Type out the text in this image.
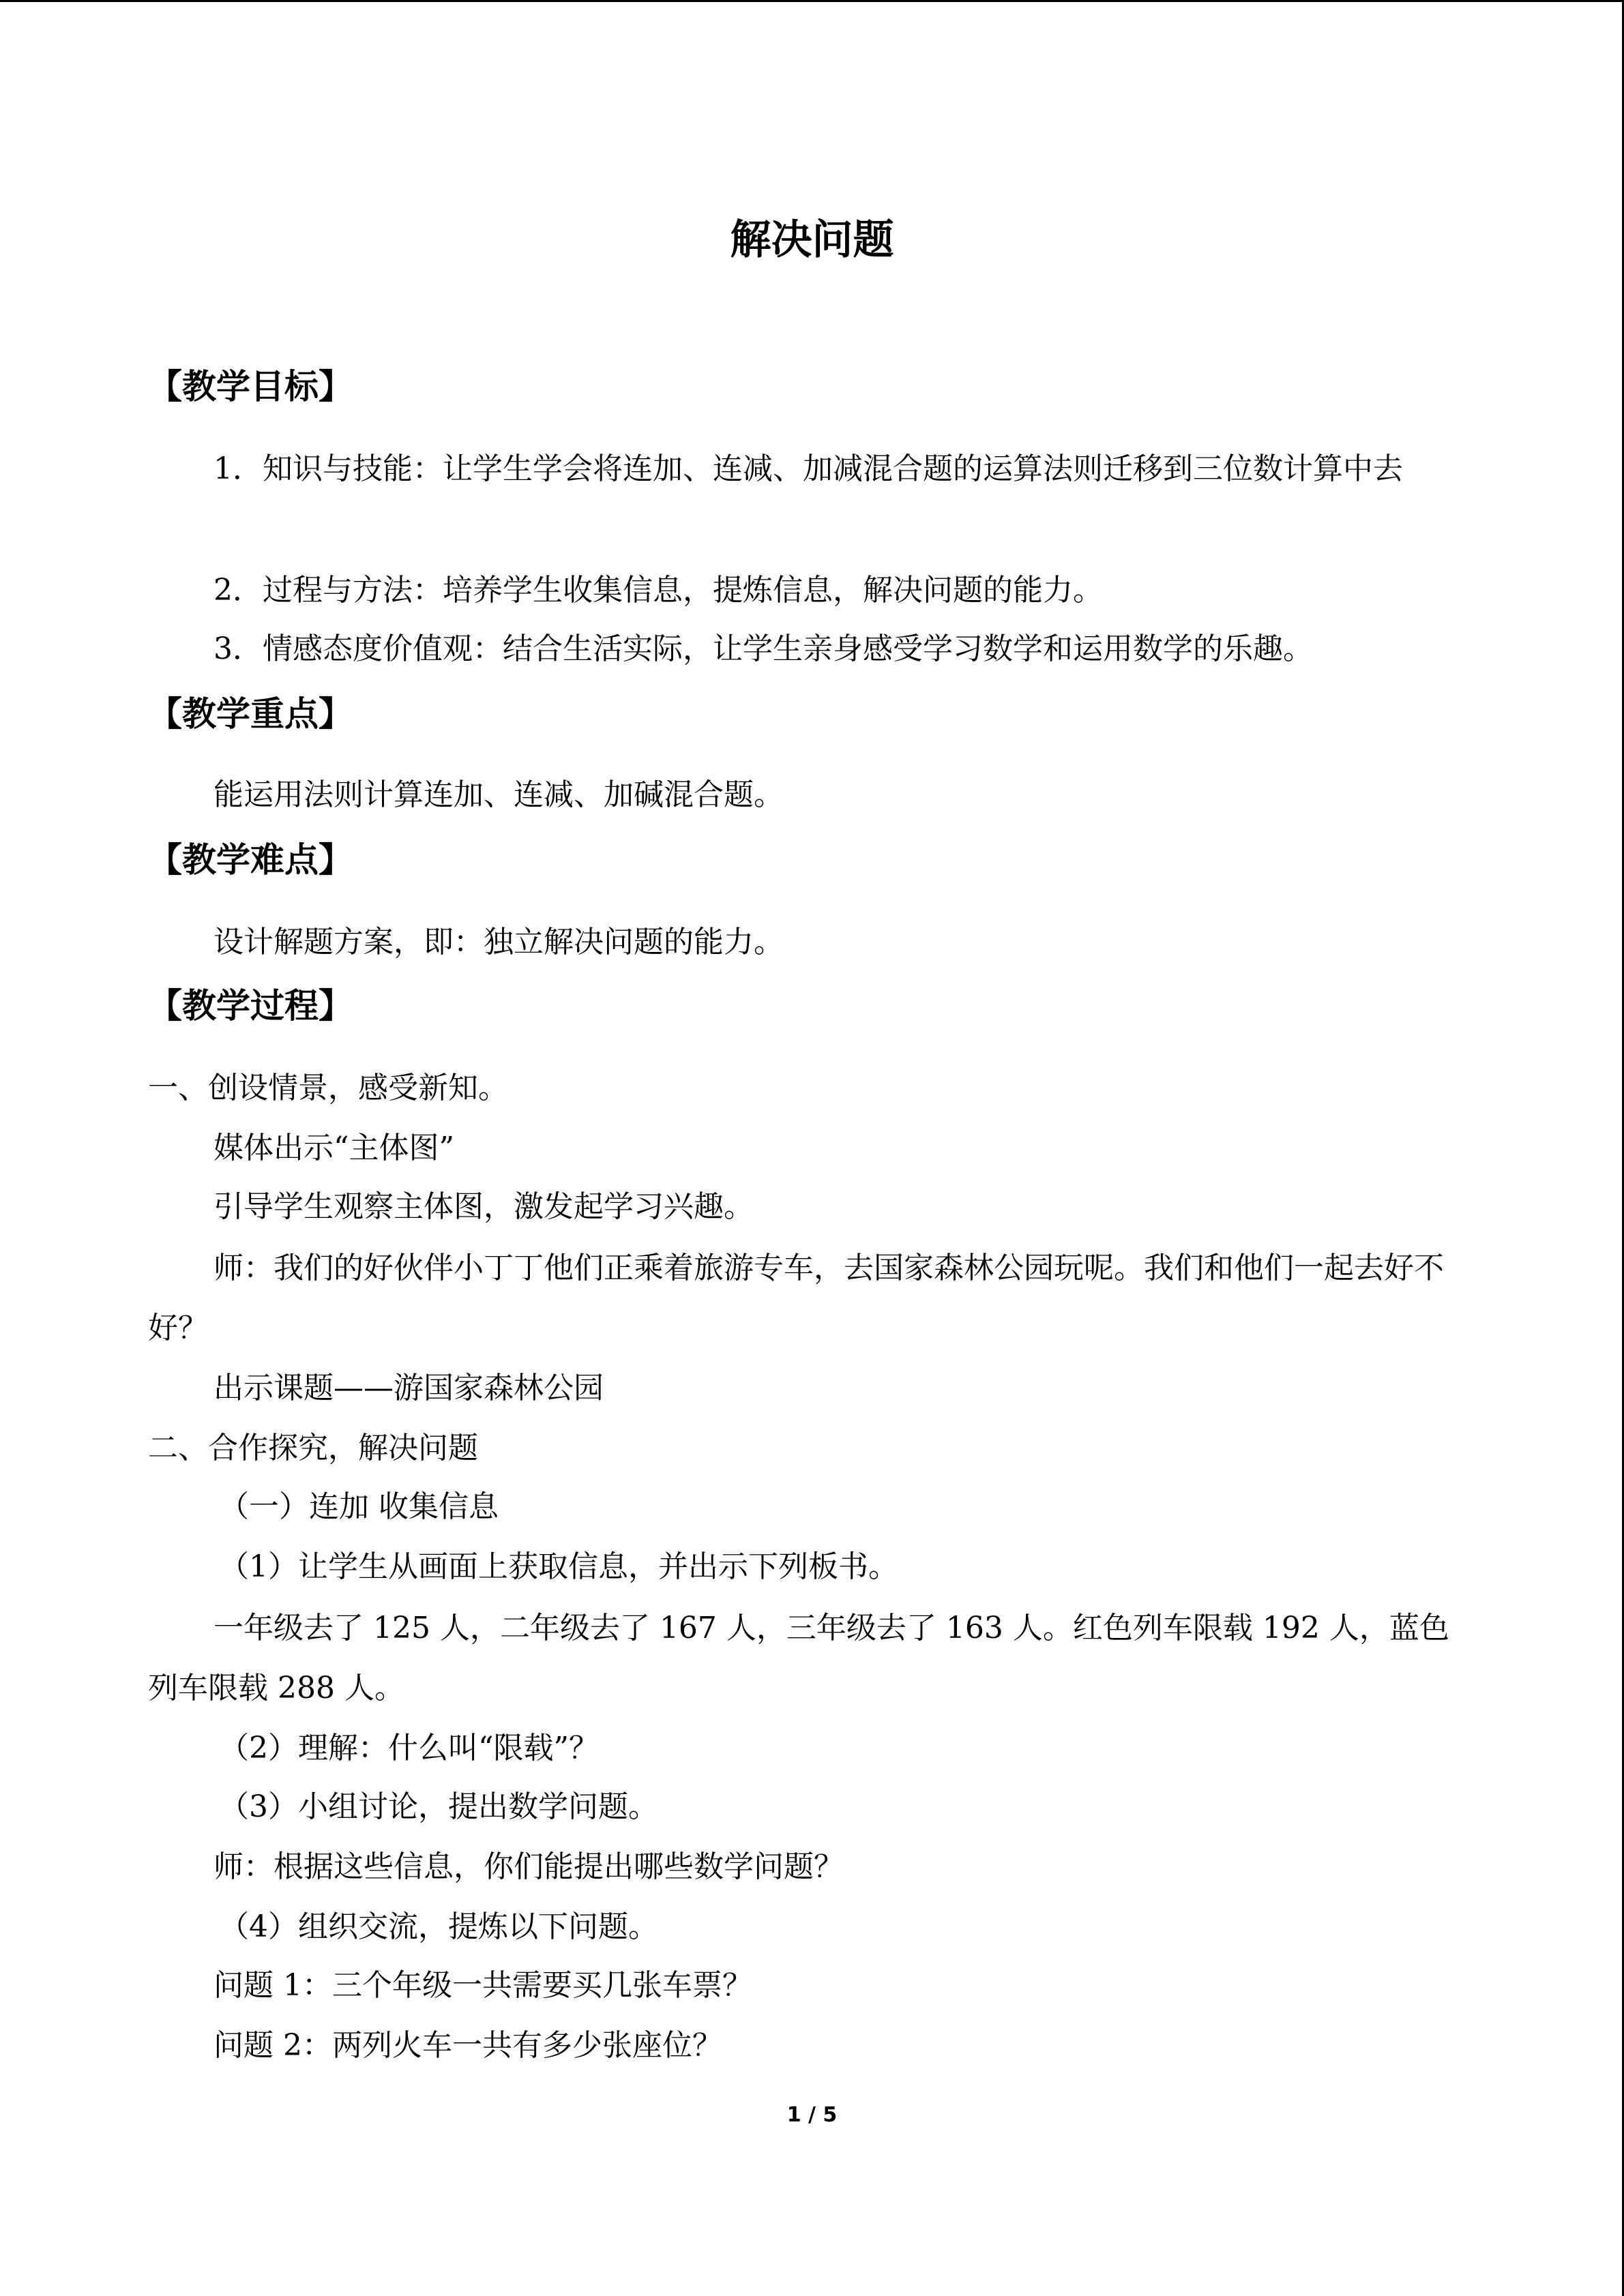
解决问题
【教学目标】

1．知识与技能：让学生学会将连加、连减、加减混合题的运算法则迁移到三位数计算中去

2．过程与方法：培养学生收集信息，提炼信息，解决问题的能力。
3．情感态度价值观：结合生活实际，让学生亲身感受学习数学和运用数学的乐趣。
【教学重点】
能运用法则计算连加、连减、加碱混合题。
【教学难点】
设计解题方案，即：独立解决问题的能力。
【教学过程】
一、创设情景，感受新知。
媒体出示“主体图”
引导学生观察主体图，激发起学习兴趣。

师：我们的好伙伴小丁丁他们正乘着旅游专车，去国家森林公园玩呢。我们和他们一起去好不好？

出示课题——游国家森林公园
二、合作探究，解决问题
（一）连加 收集信息
（1）让学生从画面上获取信息，并出示下列板书。

一年级去了 125 人，二年级去了 167 人，三年级去了 163 人。红色列车限载 192 人，蓝色列车限载 288 人。

（2）理解：什么叫“限载”？
（3）小组讨论，提出数学问题。
师：根据这些信息，你们能提出哪些数学问题？
（4）组织交流，提炼以下问题。
问题 1：三个年级一共需要买几张车票？
问题 2：两列火车一共有多少张座位？
1 / 5
